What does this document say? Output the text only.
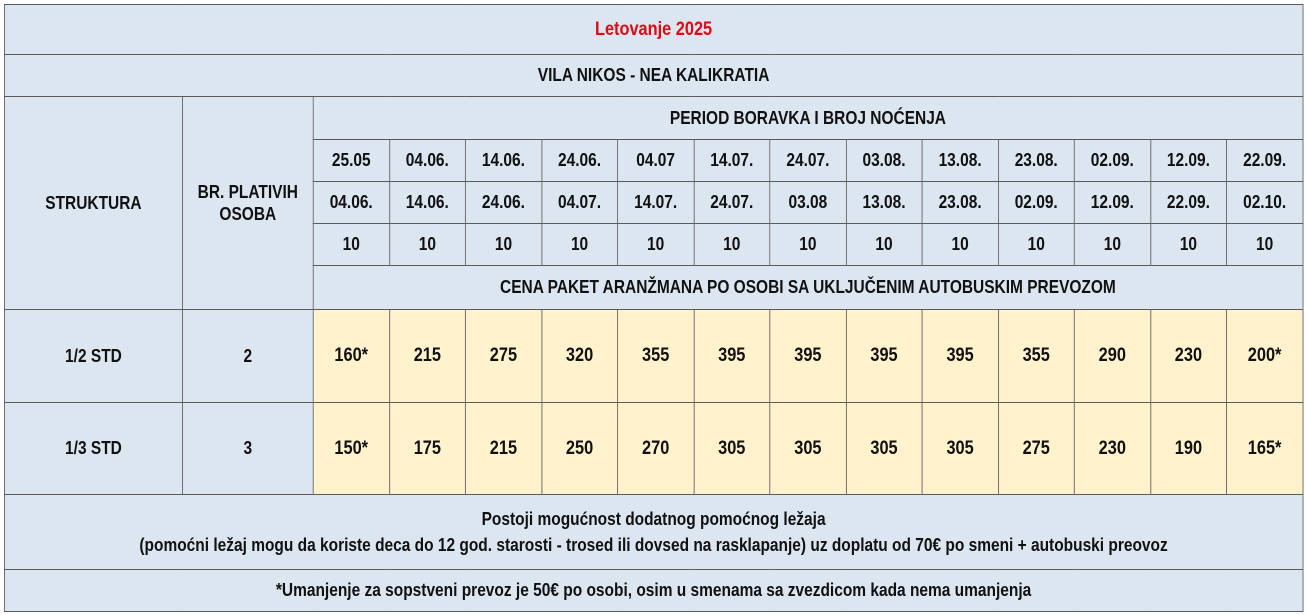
Letovanje 2025														
VILA NIKOS - NEA KALIKRATIA														
STRUKTURA	BR. PLATIVIH OSOBA	PERIOD BORAVKA I BROJ NOĆENJA												
		25.05	04.06.	14.06.	24.06.	04.07	14.07.	24.07.	03.08.	13.08.	23.08.	02.09.	12.09.	22.09.
		04.06.	14.06.	24.06.	04.07.	14.07.	24.07.	03.08	13.08.	23.08.	02.09.	12.09.	22.09.	02.10.
		10	10	10	10	10	10	10	10	10	10	10	10	10
		CENA PAKET ARANŽMANA PO OSOBI SA UKLJUČENIM AUTOBUSKIM PREVOZOM												
1/2 STD	2	160*	215	275	320	355	395	395	395	395	355	290	230	200*
1/3 STD	3	150*	175	215	250	270	305	305	305	305	275	230	190	165*

Postoji mogućnost dodatnog pomoćnog ležaja
(pomoćni ležaj mogu da koriste deca do 12 god. starosti - trosed ili dovsed na rasklapanje) uz doplatu od 70€ po smeni + autobuski preovoz														

*Umanjenje za sopstveni prevoz je 50€ po osobi, osim u smenama sa zvezdicom kada nema umanjenja														
